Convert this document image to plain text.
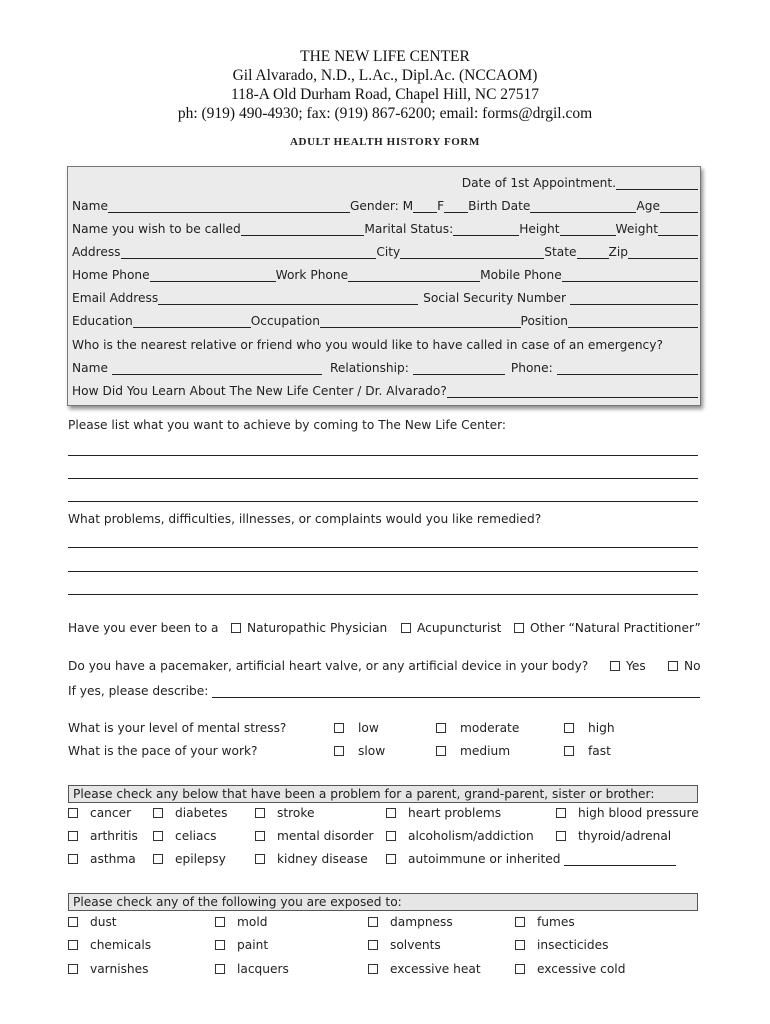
THE NEW LIFE CENTER
Gil Alvarado, N.D., L.Ac., Dipl.Ac. (NCCAOM)
118-A Old Durham Road, Chapel Hill, NC 27517
ph: (919) 490-4930; fax: (919) 867-6200; email: forms@drgil.com
ADULT HEALTH HISTORY FORM
Date of 1st Appointment.
Name	Gender: M F Birth Date	Age
Name you wish to be called	Marital Status:	Height	Weight
Address	City	State	Zip
Home Phone	Work Phone	Mobile Phone
Email Address	Social Security Number
Education	Occupation	Position
Who is the nearest relative or friend who you would like to have called in case of an emergency?
Name	Relationship:	Phone:
How Did You Learn About The New Life Center / Dr. Alvarado?
Please list what you want to achieve by coming to The New Life Center:
What problems, difficulties, illnesses, or complaints would you like remedied?
Have you ever been to a Naturopathic Physician Acupuncturist Other “Natural Practitioner”
Do you have a pacemaker, artificial heart valve, or any artificial device in your body?	Yes	No
If yes, please describe:
What is your level of mental stress?	low	moderate	high
What is the pace of your work?	slow	medium	fast
Please check any below that have been a problem for a parent, grand-parent, sister or brother:
cancer	diabetes	stroke	heart problems	high blood pressure
arthritis	celiacs	mental disorder	alcoholism/addiction	thyroid/adrenal
asthma	epilepsy	kidney disease	autoimmune or inherited
Please check any of the following you are exposed to:
dust	mold	dampness	fumes
chemicals	paint	solvents	insecticides
varnishes	lacquers	excessive heat	excessive cold
